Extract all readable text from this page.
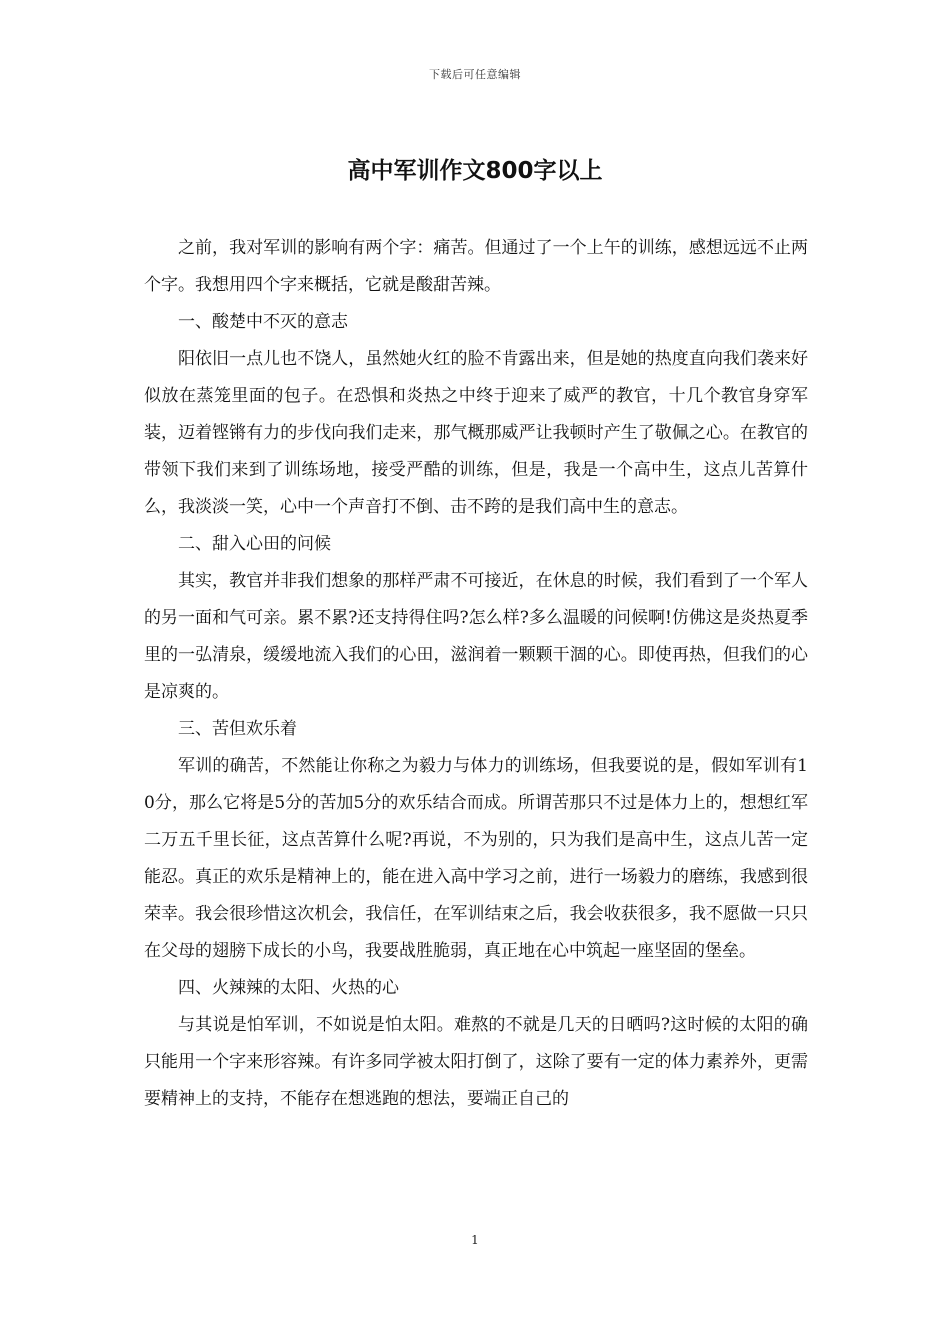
下载后可任意编辑
高中军训作文800字以上

之前，我对军训的影响有两个字：痛苦。但通过了一个上午的训练，感想远远不止两个字。我想用四个字来概括，它就是酸甜苦辣。

一、酸楚中不灭的意志

阳依旧一点儿也不饶人，虽然她火红的脸不肯露出来，但是她的热度直向我们袭来好似放在蒸笼里面的包子。在恐惧和炎热之中终于迎来了威严的教官，十几个教官身穿军装，迈着铿锵有力的步伐向我们走来，那气概那威严让我顿时产生了敬佩之心。在教官的带领下我们来到了训练场地，接受严酷的训练，但是，我是一个高中生，这点儿苦算什么，我淡淡一笑，心中一个声音打不倒、击不跨的是我们高中生的意志。

二、甜入心田的问候

其实，教官并非我们想象的那样严肃不可接近，在休息的时候，我们看到了一个军人的另一面和气可亲。累不累?还支持得住吗?怎么样?多么温暖的问候啊!仿佛这是炎热夏季里的一弘清泉，缓缓地流入我们的心田，滋润着一颗颗干涸的心。即使再热，但我们的心是凉爽的。

三、苦但欢乐着

军训的确苦，不然能让你称之为毅力与体力的训练场，但我要说的是，假如军训有10分，那么它将是5分的苦加5分的欢乐结合而成。所谓苦那只不过是体力上的，想想红军二万五千里长征，这点苦算什么呢?再说，不为别的，只为我们是高中生，这点儿苦一定能忍。真正的欢乐是精神上的，能在进入高中学习之前，进行一场毅力的磨练，我感到很荣幸。我会很珍惜这次机会，我信任，在军训结束之后，我会收获很多，我不愿做一只只在父母的翅膀下成长的小鸟，我要战胜脆弱，真正地在心中筑起一座坚固的堡垒。

四、火辣辣的太阳、火热的心

与其说是怕军训，不如说是怕太阳。难熬的不就是几天的日晒吗?这时候的太阳的确只能用一个字来形容辣。有许多同学被太阳打倒了，这除了要有一定的体力素养外，更需要精神上的支持，不能存在想逃跑的想法，要端正自己的

1
